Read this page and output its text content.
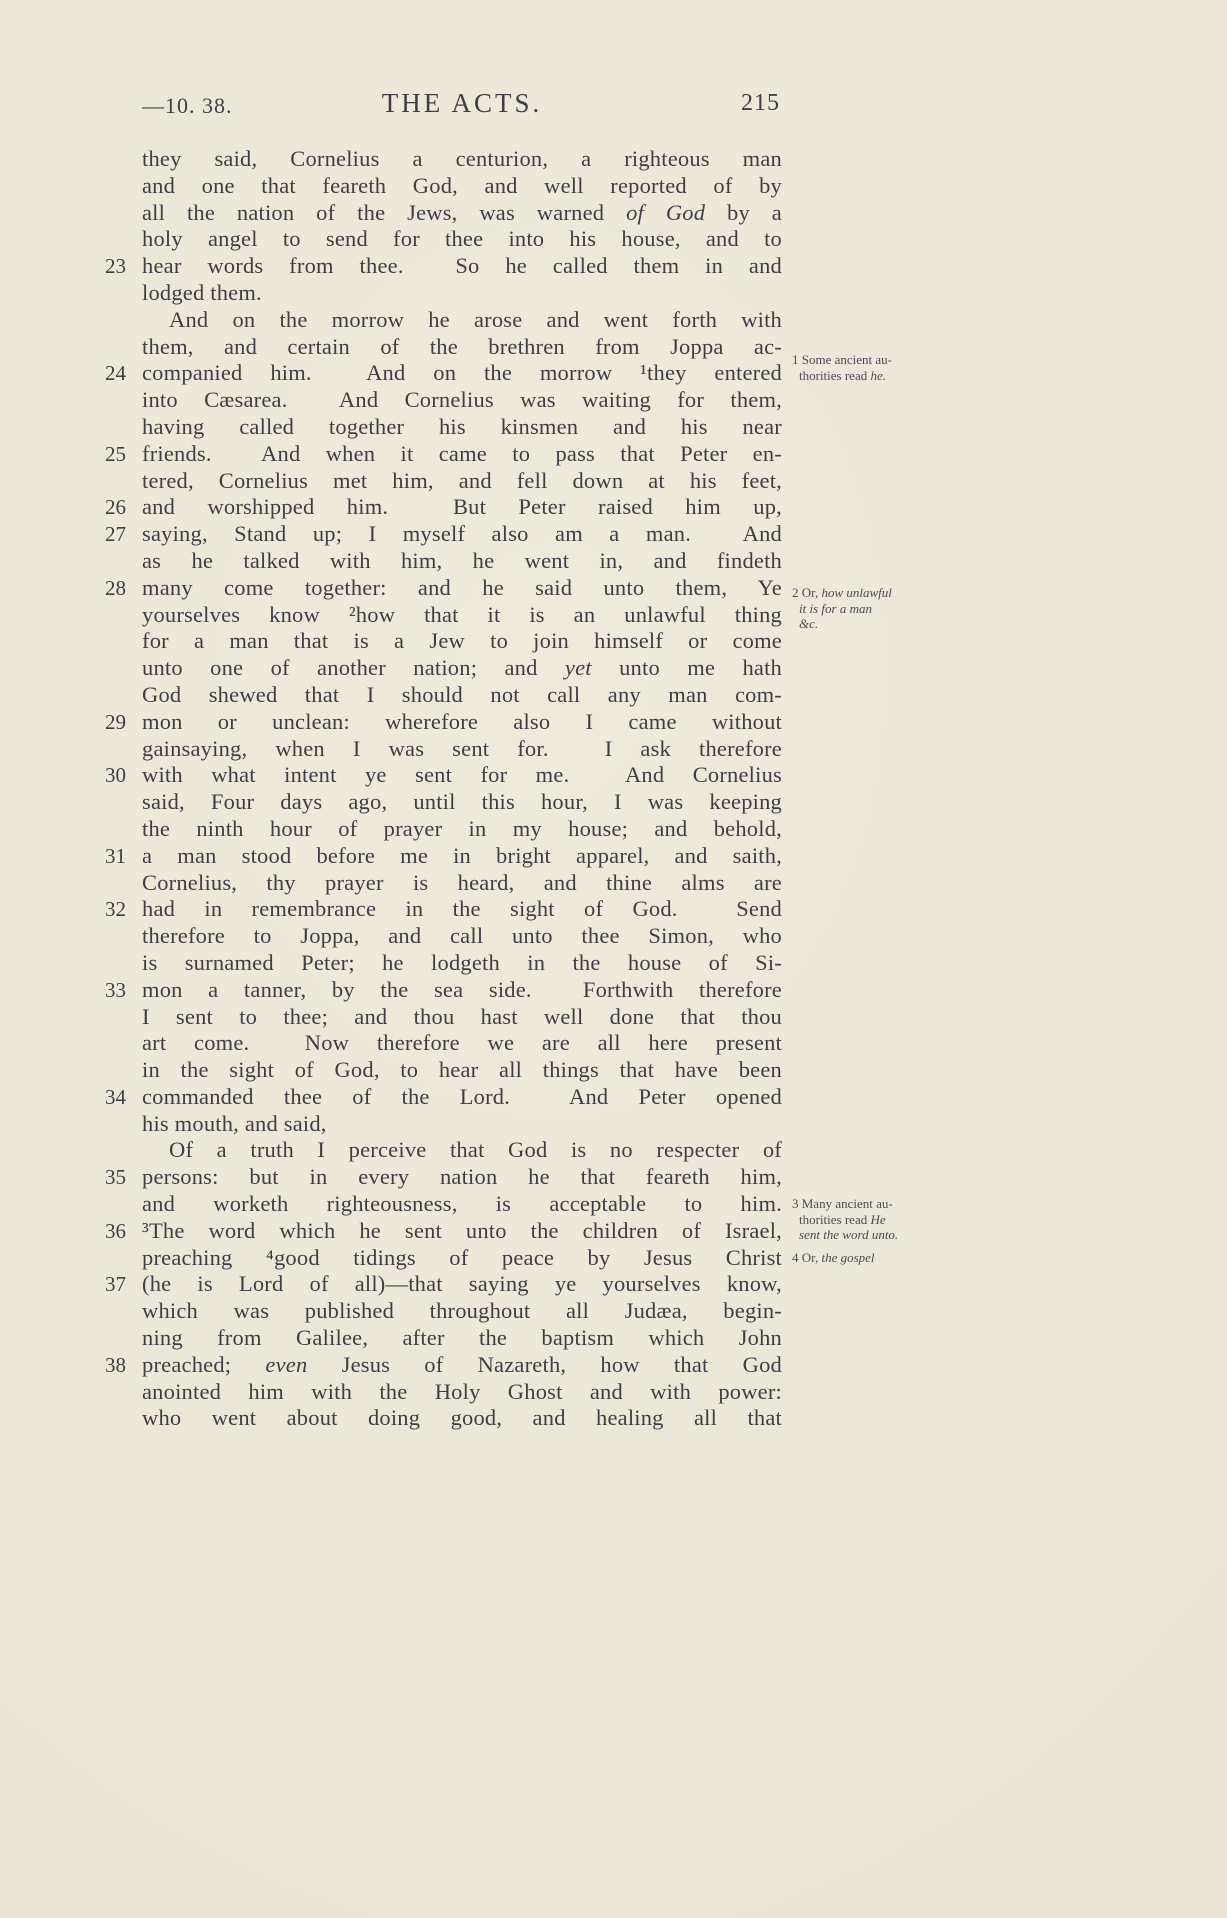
—10. 38.	THE ACTS.	215
they said, Cornelius a centurion, a righteous man
and one that feareth God, and well reported of by
all the nation of the Jews, was warned of God by a
holy angel to send for thee into his house, and to
23 hear words from thee.  So he called them in and
lodged them.
And on the morrow he arose and went forth with
them, and certain of the brethren from Joppa ac-
24 companied him.  And on the morrow ¹they entered
into Cæsarea.  And Cornelius was waiting for them,
having called together his kinsmen and his near
25 friends.  And when it came to pass that Peter en-
tered, Cornelius met him, and fell down at his feet,
26 and worshipped him.  But Peter raised him up,
27 saying, Stand up; I myself also am a man.  And
as he talked with him, he went in, and findeth
28 many come together: and he said unto them, Ye
yourselves know ²how that it is an unlawful thing
for a man that is a Jew to join himself or come
unto one of another nation; and yet unto me hath
God shewed that I should not call any man com-
29 mon or unclean: wherefore also I came without
gainsaying, when I was sent for.  I ask therefore
30 with what intent ye sent for me.  And Cornelius
said, Four days ago, until this hour, I was keeping
the ninth hour of prayer in my house; and behold,
31 a man stood before me in bright apparel, and saith,
Cornelius, thy prayer is heard, and thine alms are
32 had in remembrance in the sight of God.  Send
therefore to Joppa, and call unto thee Simon, who
is surnamed Peter; he lodgeth in the house of Si-
33 mon a tanner, by the sea side.  Forthwith therefore
I sent to thee; and thou hast well done that thou
art come.  Now therefore we are all here present
in the sight of God, to hear all things that have been
34 commanded thee of the Lord.  And Peter opened
his mouth, and said,
Of a truth I perceive that God is no respecter of
35 persons: but in every nation he that feareth him,
and worketh righteousness, is acceptable to him.
36 ³The word which he sent unto the children of Israel,
preaching ⁴good tidings of peace by Jesus Christ
37 (he is Lord of all)—that saying ye yourselves know,
which was published throughout all Judæa, begin-
ning from Galilee, after the baptism which John
38 preached; even Jesus of Nazareth, how that God
anointed him with the Holy Ghost and with power:
who went about doing good, and healing all that
1 Some ancient au-
thorities read he.
2 Or, how unlawful
it is for a man
&c.
3 Many ancient au-
thorities read He
sent the word unto.
4 Or, the gospel
